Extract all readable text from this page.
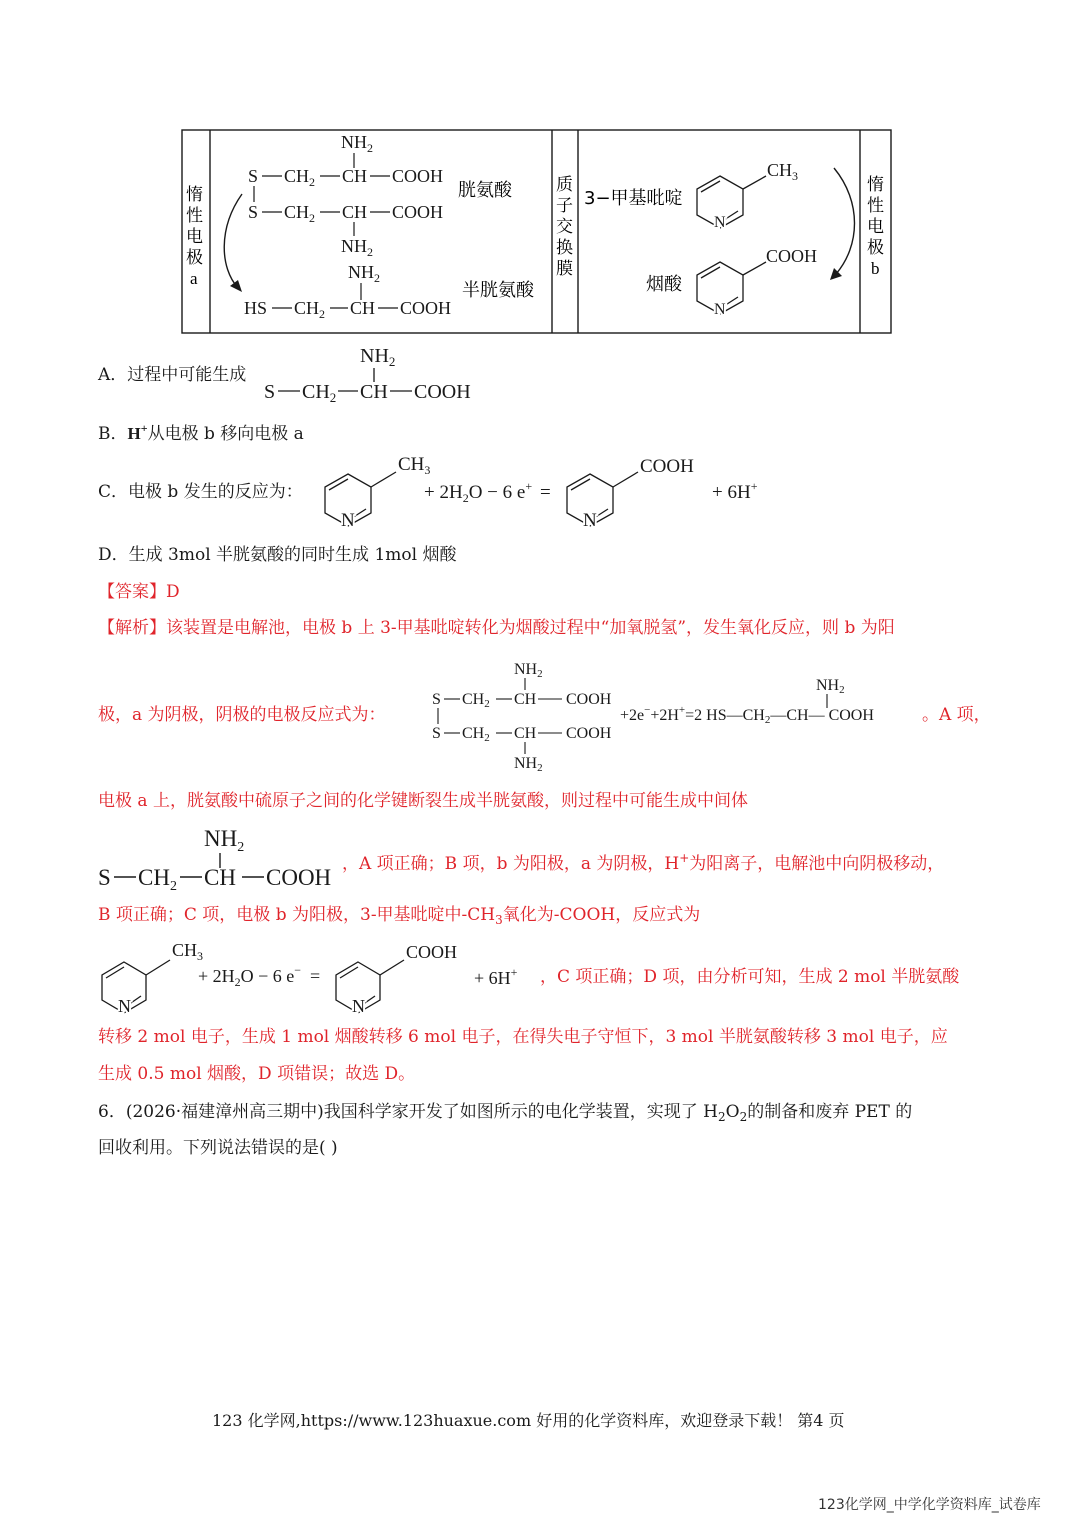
惰
性
电
极
a
质
子
交
换
膜
惰
性
电
极
b
$NH_2$
S $CH_2$ CH COOH
S $CH_2$ CH COOH
$NH_2$
胱氨酸
$NH_2$
HS $CH_2$ CH COOH
半胱氨酸
3−甲基吡啶
N
$CH_3$
烟酸
N
COOH
A．过程中可能生成
$NH_2$
S $CH_2$ CH COOH
B．H+从电极 b 移向电极 a
C．电极 b 发生的反应为：
N
$CH_3$
+ $2H_2O - 6$ e+ =
N
COOH
+ 6H+
D．生成 3mol 半胱氨酸的同时生成 1mol 烟酸
【答案】D
【解析】该装置是电解池，电极 b 上 3-甲基吡啶转化为烟酸过程中“加氧脱氢”，发生氧化反应，则 b 为阳
极，a 为阴极，阴极的电极反应式为：
NH2
S CH2 CH COOH
S CH2 CH COOH
NH2
+2e−+2H+=2 HS—CH2—CH— COOH
NH2
。A 项，
电极 a 上，胱氨酸中硫原子之间的化学键断裂生成半胱氨酸，则过程中可能生成中间体
$NH_2$
S $CH_2$ CH COOH
，A 项正确；B 项，b 为阳极，a 为阴极，H+为阳离子，电解池中向阴极移动，
B 项正确；C 项，电极 b 为阳极，3-甲基吡啶中$-CH_3$氧化为-COOH，反应式为
N
$CH_3$
+ $2H_2O - 6$ e− =
N
COOH
+ 6H+ ，C 项正确；D 项，由分析可知，生成 2 mol 半胱氨酸
转移 2 mol 电子，生成 1 mol 烟酸转移 6 mol 电子，在得失电子守恒下，3 mol 半胱氨酸转移 3 mol 电子，应
生成 0.5 mol 烟酸，D 项错误；故选 D。
6．(2026·福建漳州高三期中)我国科学家开发了如图所示的电化学装置，实现了 $H_2O_2$的制备和废弃 PET 的
回收利用。下列说法错误的是( )
123 化学网,https://www.123huaxue.com 好用的化学资料库，欢迎登录下载！ 第4 页
123化学网_中学化学资料库_试卷库
